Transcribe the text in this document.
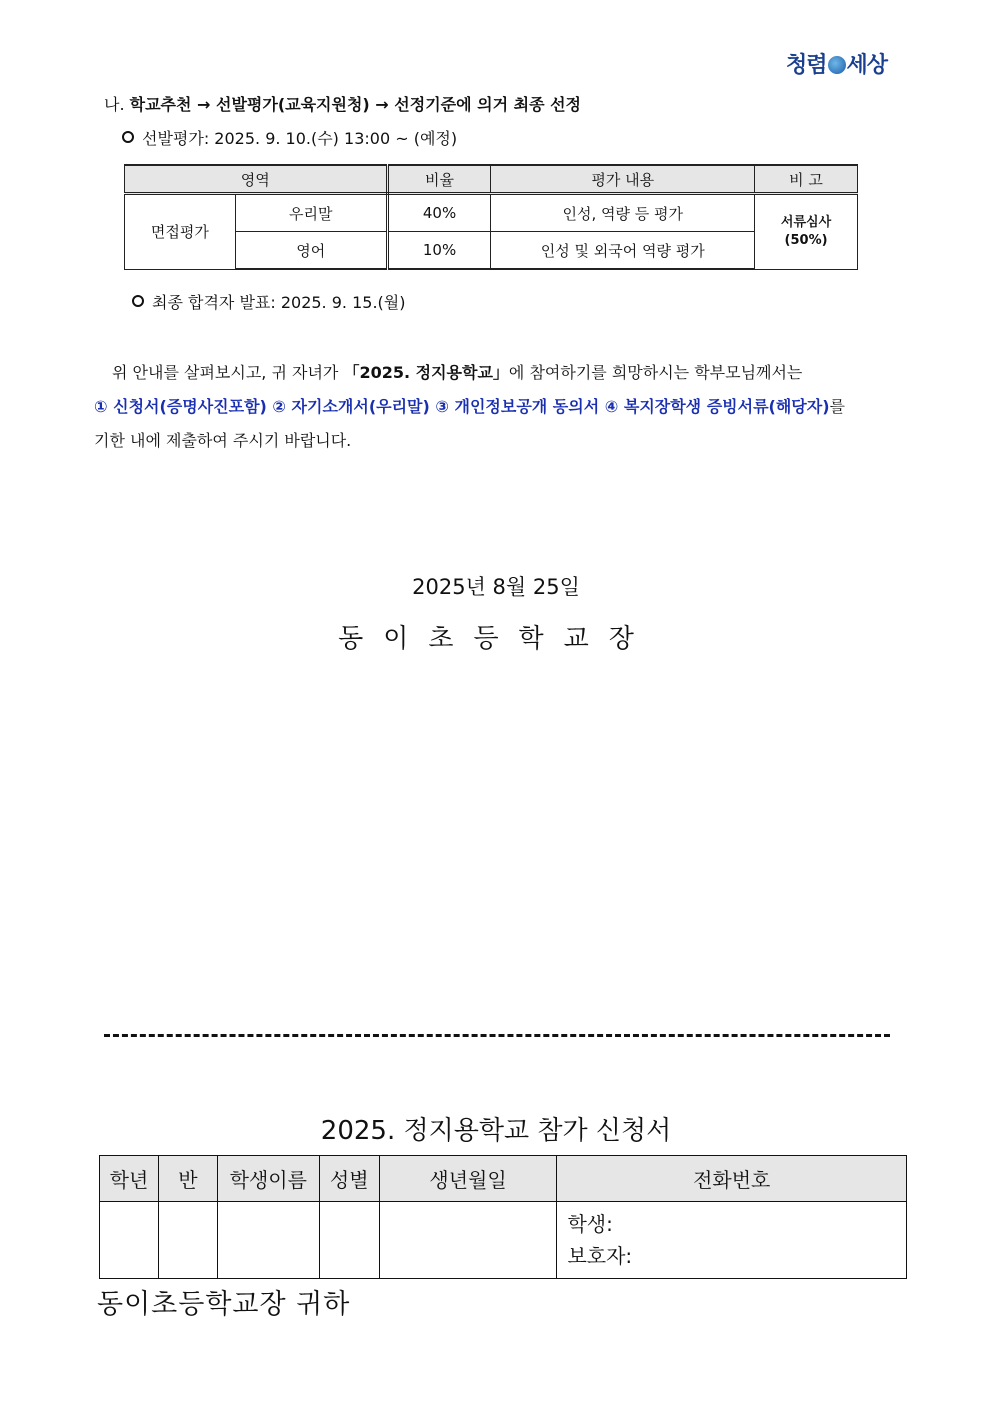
청렴 세상
나. 학교추천 → 선발평가(교육지원청) → 선정기준에 의거 최종 선정
선발평가: 2025. 9. 10.(수) 13:00 ~ (예정)
영역		비율	평가 내용	비 고
면접평가	우리말	40%	인성, 역량 등 평가	서류심사
(50%)
	영어	10%	인성 및 외국어 역량 평가	
최종 합격자 발표: 2025. 9. 15.(월)
위 안내를 살펴보시고, 귀 자녀가 「2025. 정지용학교」에 참여하기를 희망하시는 학부모님께서는
① 신청서(증명사진포함) ② 자기소개서(우리말) ③ 개인정보공개 동의서 ④ 복지장학생 증빙서류(해당자)를
기한 내에 제출하여 주시기 바랍니다.
2025년 8월 25일
동이초등학교장
2025. 정지용학교 참가 신청서
학년	반	학생이름	성별	생년월일	전화번호

					학생:
보호자:
동이초등학교장 귀하
